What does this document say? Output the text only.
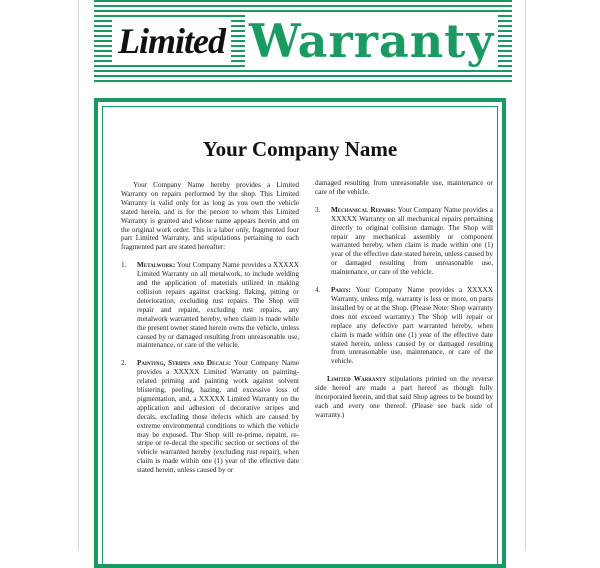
Limited Warranty
Your Company Name

Your Company Name hereby provides a Limited Warranty on repairs performed by the shop. This Limited Warranty is valid only for as long as you own the vehicle stated herein, and is for the person to whom this Limited Warranty is granted and whose name appears herein and on the original work order. This is a labor only, fragmented four part Limited Warranty, and stipulations pertaining to each fragmented part are stated hereafter:

1. Metalwork: Your Company Name provides a XXXXX Limited Warranty on all metalwork, to include welding and the application of materials utilized in making collision repairs against cracking, flaking, pitting or deterioration, excluding rust repairs. The Shop will repair and repaint, excluding rust repairs, any metalwork warranted hereby, when claim is made while the present owner stated herein owns the vehicle, unless caused by or damaged resulting from unreasonable use, maintenance, or care of the vehicle.
2. Painting, Stripes and Decals: Your Company Name provides a XXXXX Limited Warranty on painting-related priming and painting work against solvent blistering, peeling, hazing, and excessive loss of pigmentation, and, a XXXXX Limited Warranty on the application and adhesion of decorative stripes and decals, excluding those defects which are caused by extreme environmental conditions to which the vehicle may be exposed. The Shop will re-prime, repaint, re-stripe or re-decal the specific section or sections of the vehicle warranted hereby (excluding rust repair), when claim is made within one (1) year of the effective date stated herein, unless caused by or

damaged resulting from unreasonable use, maintenance or care of the vehicle.

3. Mechanical Repairs: Your Company Name provides a XXXXX Warranty on all mechanical repairs pertaining directly to original collision damage. The Shop will repair any mechanical assembly or component warranted hereby, when claim is made within one (1) year of the effective date stated herein, unless caused by or damaged resulting from unreasonable use, maintenance, or care of the vehicle.
4. Parts: Your Company Name provides a XXXXX Warranty, unless mfg. warranty is less or more, on parts installed by or at the Shop. (Please Note: Shop warranty does not exceed warranty.) The Shop will repair or replace any defective part warranted hereby, when claim is made within one (1) year of the effective date stated herein, unless caused by or damaged resulting from unreasonable use, maintenance, or care of the vehicle.

Limited Warranty stipulations printed on the reverse side hereof are made a part hereof as though fully incorporated herein, and that said Shop agrees to be bound by each and every one thereof. (Please see back side of warranty.)
